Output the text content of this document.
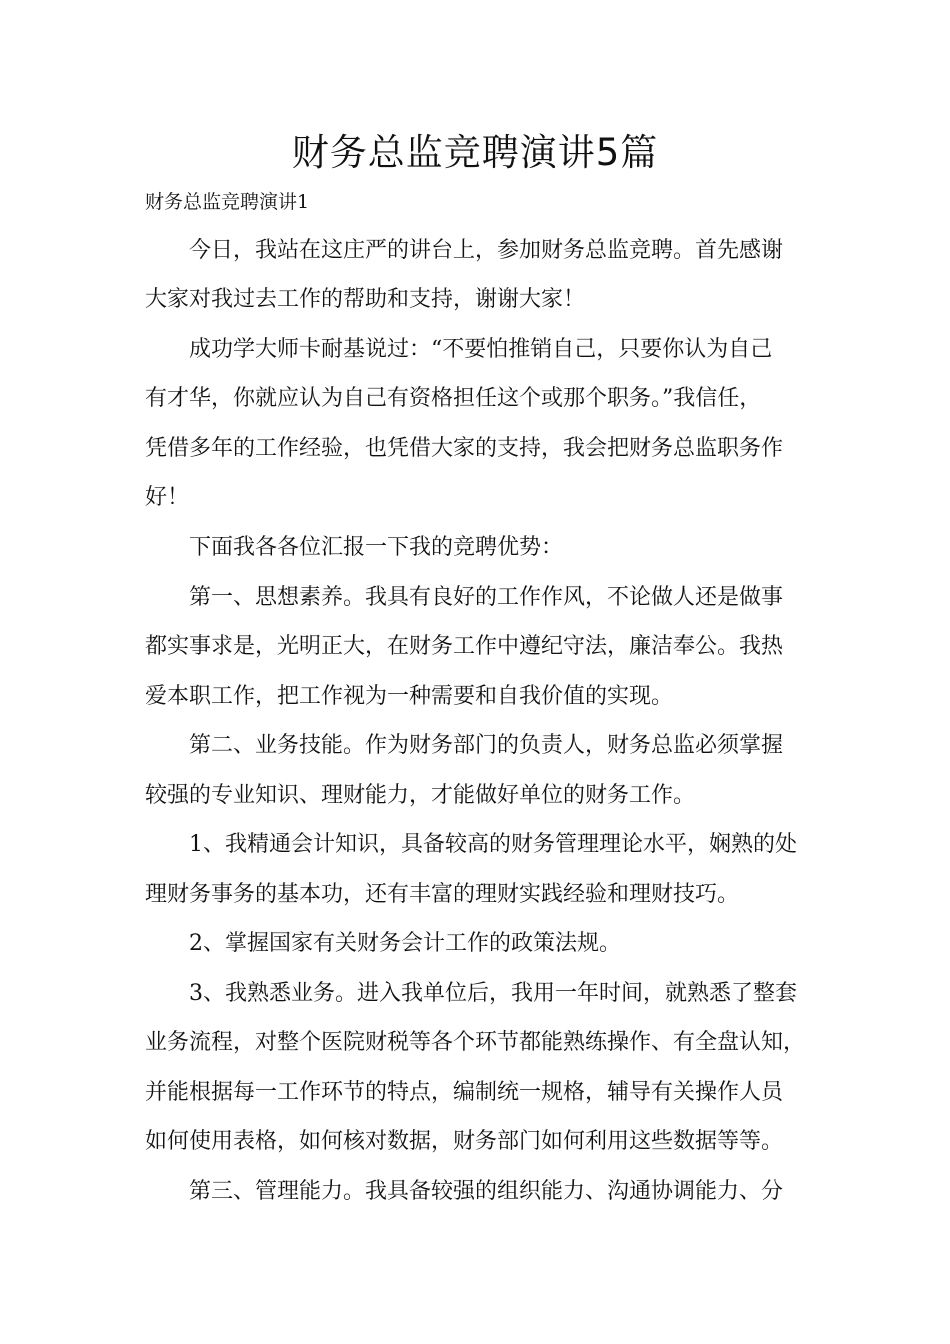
财务总监竞聘演讲5篇

财务总监竞聘演讲1

今日，我站在这庄严的讲台上，参加财务总监竞聘。首先感谢

大家对我过去工作的帮助和支持，谢谢大家！

成功学大师卡耐基说过：“不要怕推销自己，只要你认为自己

有才华，你就应认为自己有资格担任这个或那个职务。”我信任，

凭借多年的工作经验，也凭借大家的支持，我会把财务总监职务作

好！

下面我各各位汇报一下我的竞聘优势：

第一、思想素养。我具有良好的工作作风，不论做人还是做事

都实事求是，光明正大，在财务工作中遵纪守法，廉洁奉公。我热

爱本职工作，把工作视为一种需要和自我价值的实现。

第二、业务技能。作为财务部门的负责人，财务总监必须掌握

较强的专业知识、理财能力，才能做好单位的财务工作。

1、我精通会计知识，具备较高的财务管理理论水平，娴熟的处

理财务事务的基本功，还有丰富的理财实践经验和理财技巧。

2、掌握国家有关财务会计工作的政策法规。

3、我熟悉业务。进入我单位后，我用一年时间，就熟悉了整套

业务流程，对整个医院财税等各个环节都能熟练操作、有全盘认知，

并能根据每一工作环节的特点，编制统一规格，辅导有关操作人员

如何使用表格，如何核对数据，财务部门如何利用这些数据等等。

第三、管理能力。我具备较强的组织能力、沟通协调能力、分
